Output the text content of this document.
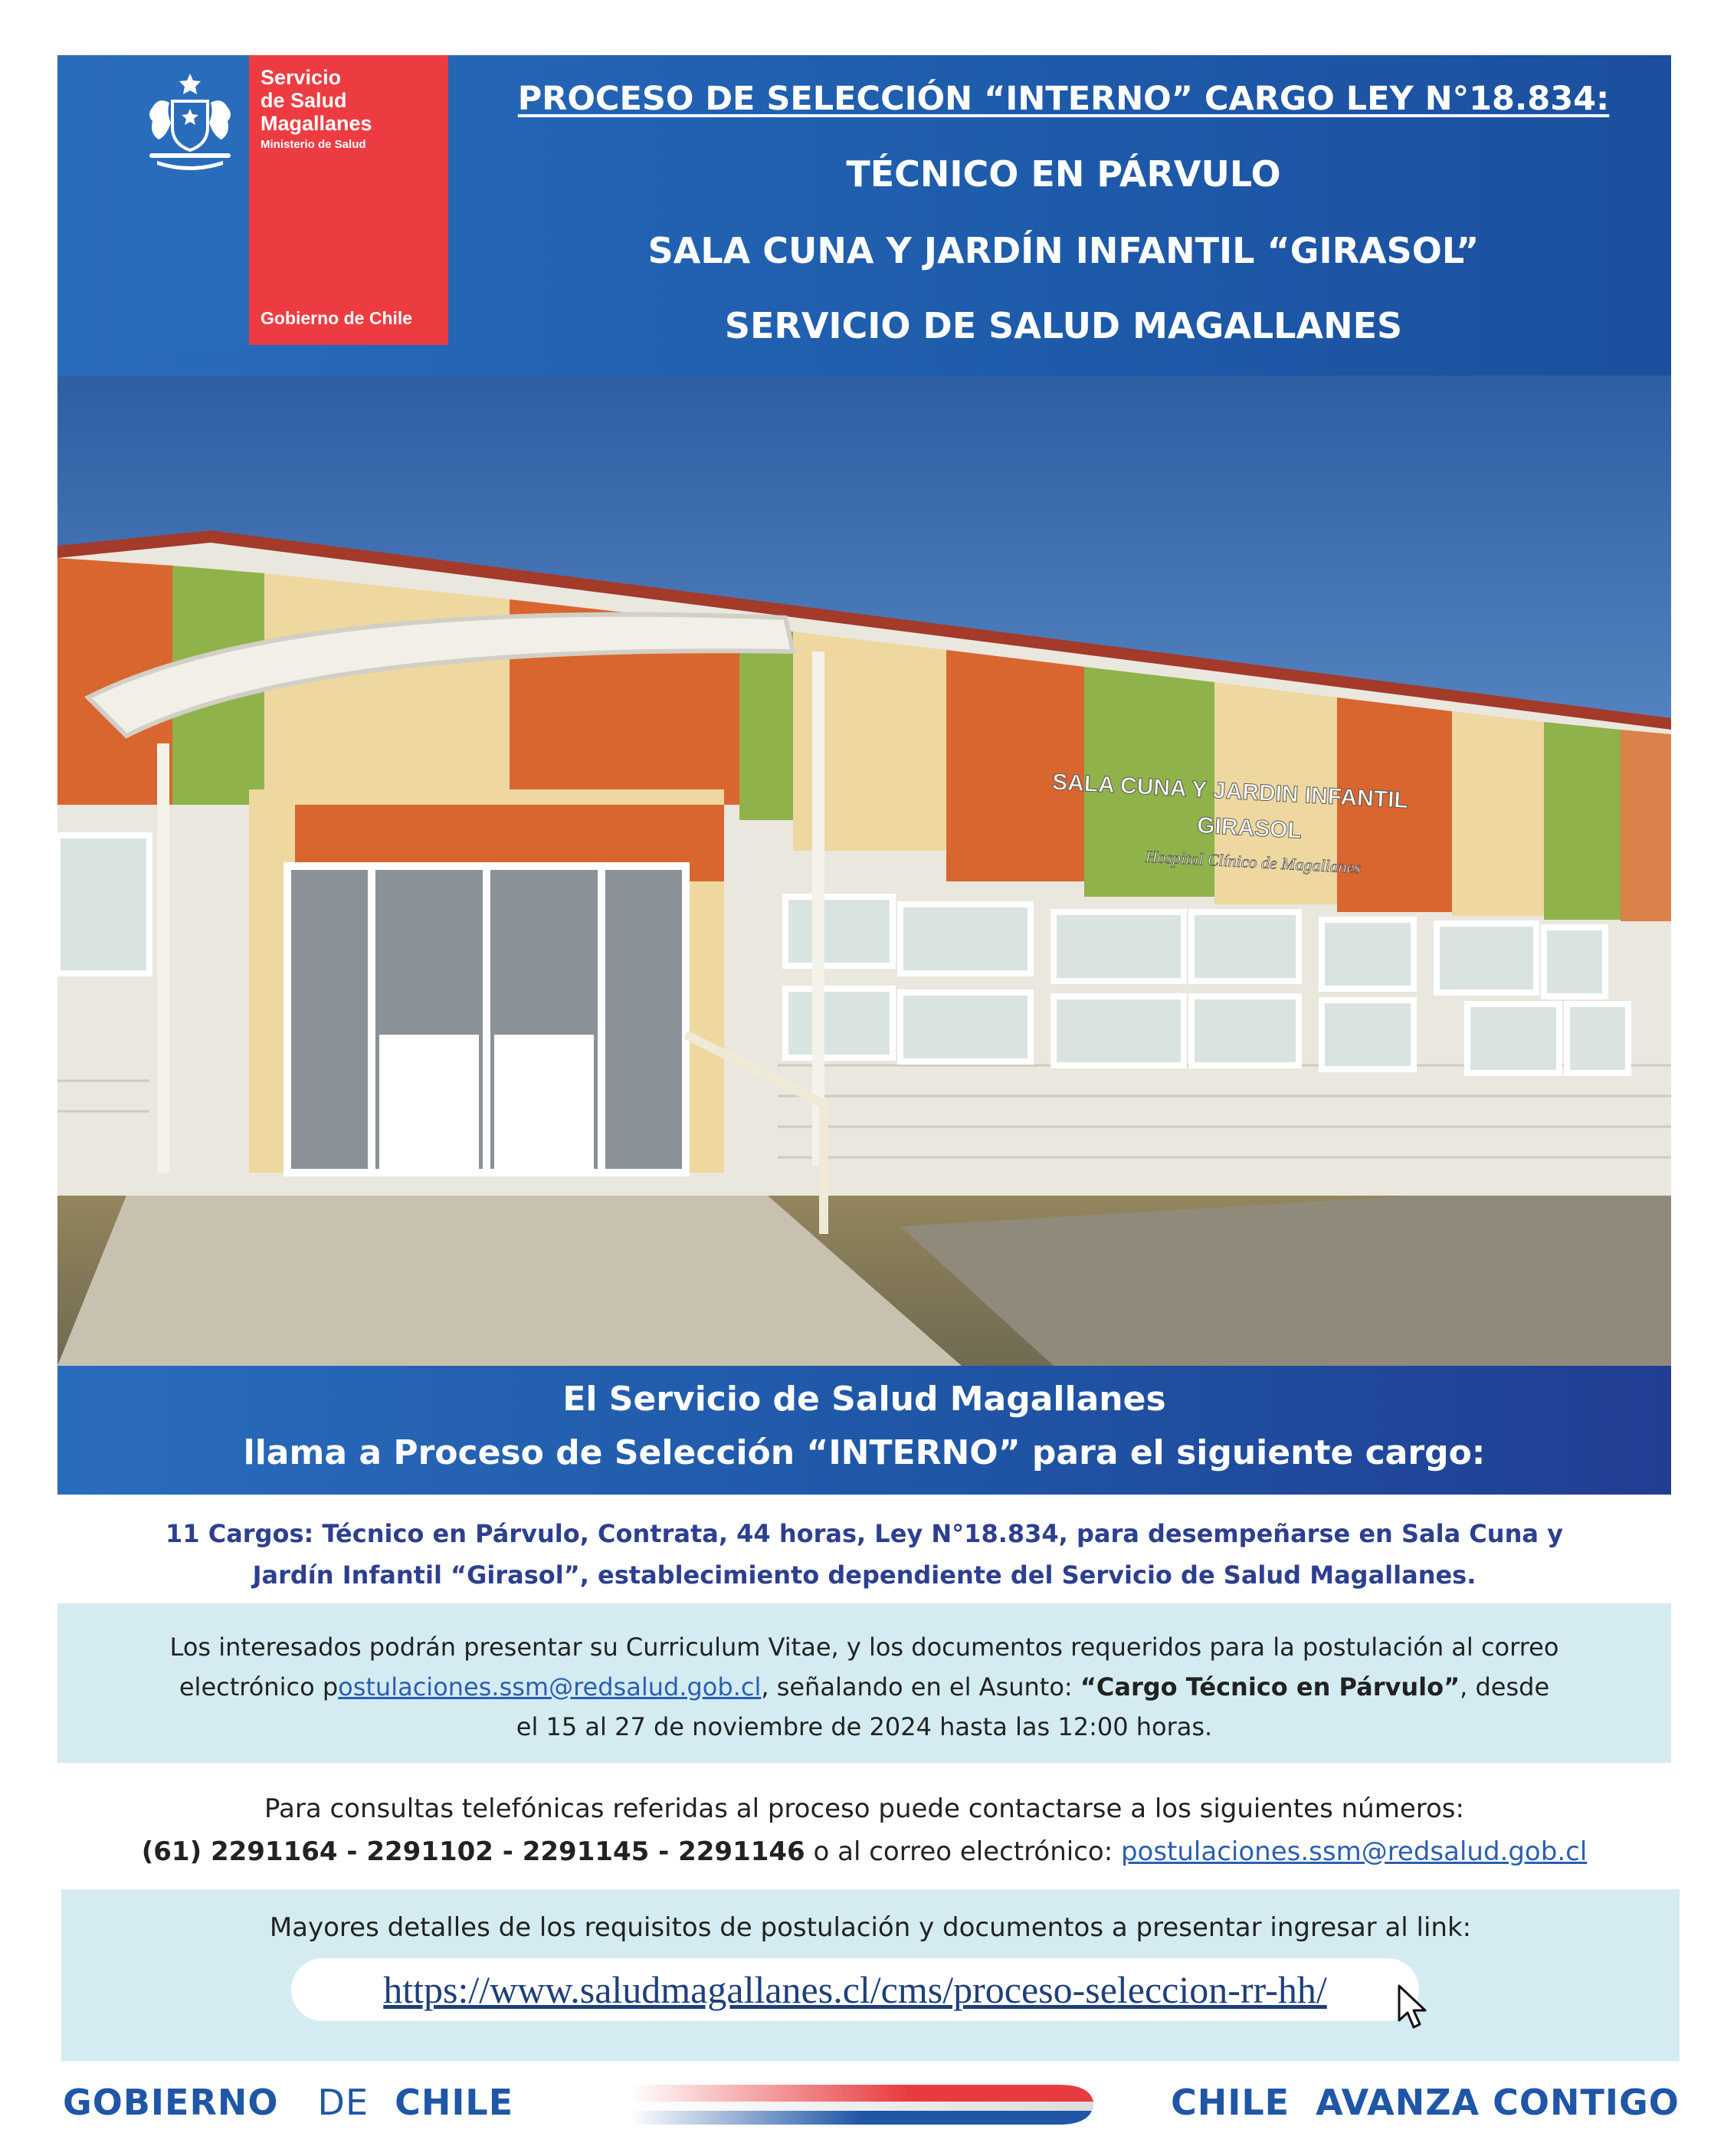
Servicio
de Salud
Magallanes
Ministerio de Salud
Gobierno de Chile
PROCESO DE SELECCIÓN “INTERNO” CARGO LEY N°18.834:
TÉCNICO EN PÁRVULO
SALA CUNA Y JARDÍN INFANTIL “GIRASOL”
SERVICIO DE SALUD MAGALLANES
SALA CUNA Y JARDIN INFANTIL
GIRASOL
Hospital Clínico de Magallanes
El Servicio de Salud Magallanes
llama a Proceso de Selección “INTERNO” para el siguiente cargo:
11 Cargos: Técnico en Párvulo, Contrata, 44 horas, Ley N°18.834, para desempeñarse en Sala Cuna y
Jardín Infantil “Girasol”, establecimiento dependiente del Servicio de Salud Magallanes.
Los interesados podrán presentar su Curriculum Vitae, y los documentos requeridos para la postulación al correo
electrónico postulaciones.ssm@redsalud.gob.cl, señalando en el Asunto: “Cargo Técnico en Párvulo”, desde
el 15 al 27 de noviembre de 2024 hasta las 12:00 horas.
Para consultas telefónicas referidas al proceso puede contactarse a los siguientes números:
(61) 2291164 - 2291102 - 2291145 - 2291146 o al correo electrónico: postulaciones.ssm@redsalud.gob.cl
Mayores detalles de los requisitos de postulación y documentos a presentar ingresar al link:
https://www.saludmagallanes.cl/cms/proceso-seleccion-rr-hh/
GOBIERNO DE CHILE	CHILE  AVANZA CONTIGO
